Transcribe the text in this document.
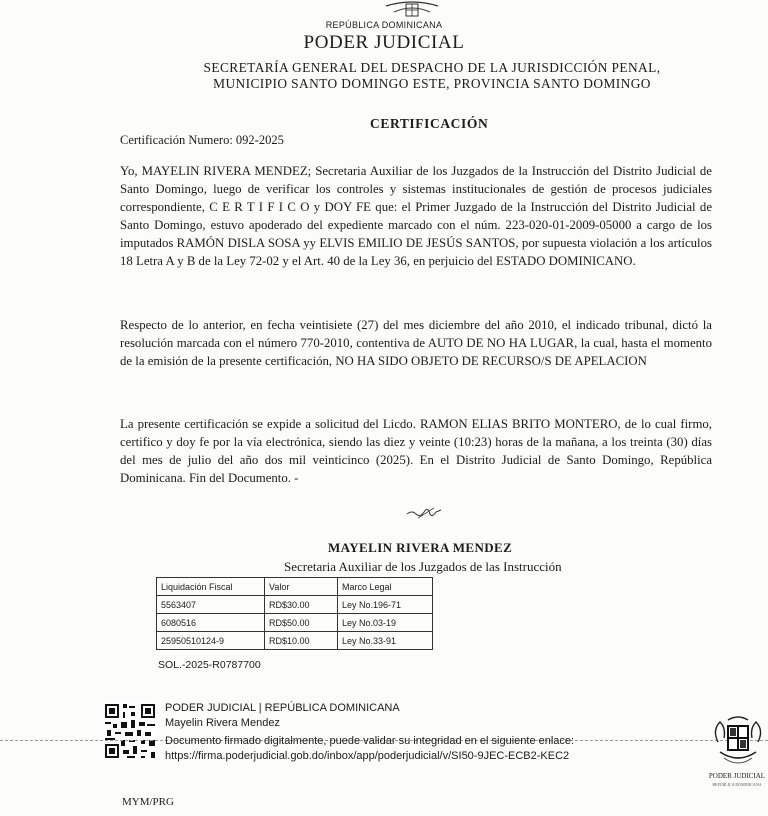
REPÚBLICA DOMINICANA
PODER JUDICIAL
SECRETARÍA GENERAL DEL DESPACHO DE LA JURISDICCIÓN PENAL,
MUNICIPIO SANTO DOMINGO ESTE, PROVINCIA SANTO DOMINGO
CERTIFICACIÓN
Certificación Numero: 092-2025
Yo, MAYELIN RIVERA MENDEZ; Secretaria Auxiliar de los Juzgados de la Instrucción del Distrito Judicial de Santo Domingo, luego de verificar los controles y sistemas institucionales de gestión de procesos judiciales correspondiente, C E R T I F I C O y DOY FE que: el Primer Juzgado de la Instrucción del Distrito Judicial de Santo Domingo, estuvo apoderado del expediente marcado con el núm. 223-020-01-2009-05000 a cargo de los imputados RAMÓN DISLA SOSA yy ELVIS EMILIO DE JESÚS SANTOS, por supuesta violación a los artículos 18 Letra A y B de la Ley 72-02 y el Art. 40 de la Ley 36, en perjuicio del ESTADO DOMINICANO.
Respecto de lo anterior, en fecha veintisiete (27) del mes diciembre del año 2010, el indicado tribunal, dictó la resolución marcada con el número 770-2010, contentiva de AUTO DE NO HA LUGAR, la cual, hasta el momento de la emisión de la presente certificación, NO HA SIDO OBJETO DE RECURSO/S DE APELACION
La presente certificación se expide a solicitud del Licdo. RAMON ELIAS BRITO MONTERO, de lo cual firmo, certifico y doy fe por la vía electrónica, siendo las diez y veinte (10:23) horas de la mañana, a los treinta (30) días del mes de julio del año dos mil veinticinco (2025). En el Distrito Judicial de Santo Domingo, República Dominicana. Fin del Documento. -
MAYELIN RIVERA MENDEZ
Secretaria Auxiliar de los Juzgados de las Instrucción
Liquidación Fiscal	Valor	Marco Legal
5563407	RD$30.00	Ley No.196-71
6080516	RD$50.00	Ley No.03-19
25950510124-9	RD$10.00	Ley No.33-91
SOL.-2025-R0787700
PODER JUDICIAL | REPÚBLICA DOMINICANA
Mayelin Rivera Mendez
Documento firmado digitalmente, puede validar su integridad en el siguiente enlace:
https://firma.poderjudicial.gob.do/inbox/app/poderjudicial/v/SI50-9JEC-ECB2-KEC2
PODER JUDICIAL
REPÚBLICA DOMINICANA
MYM/PRG
